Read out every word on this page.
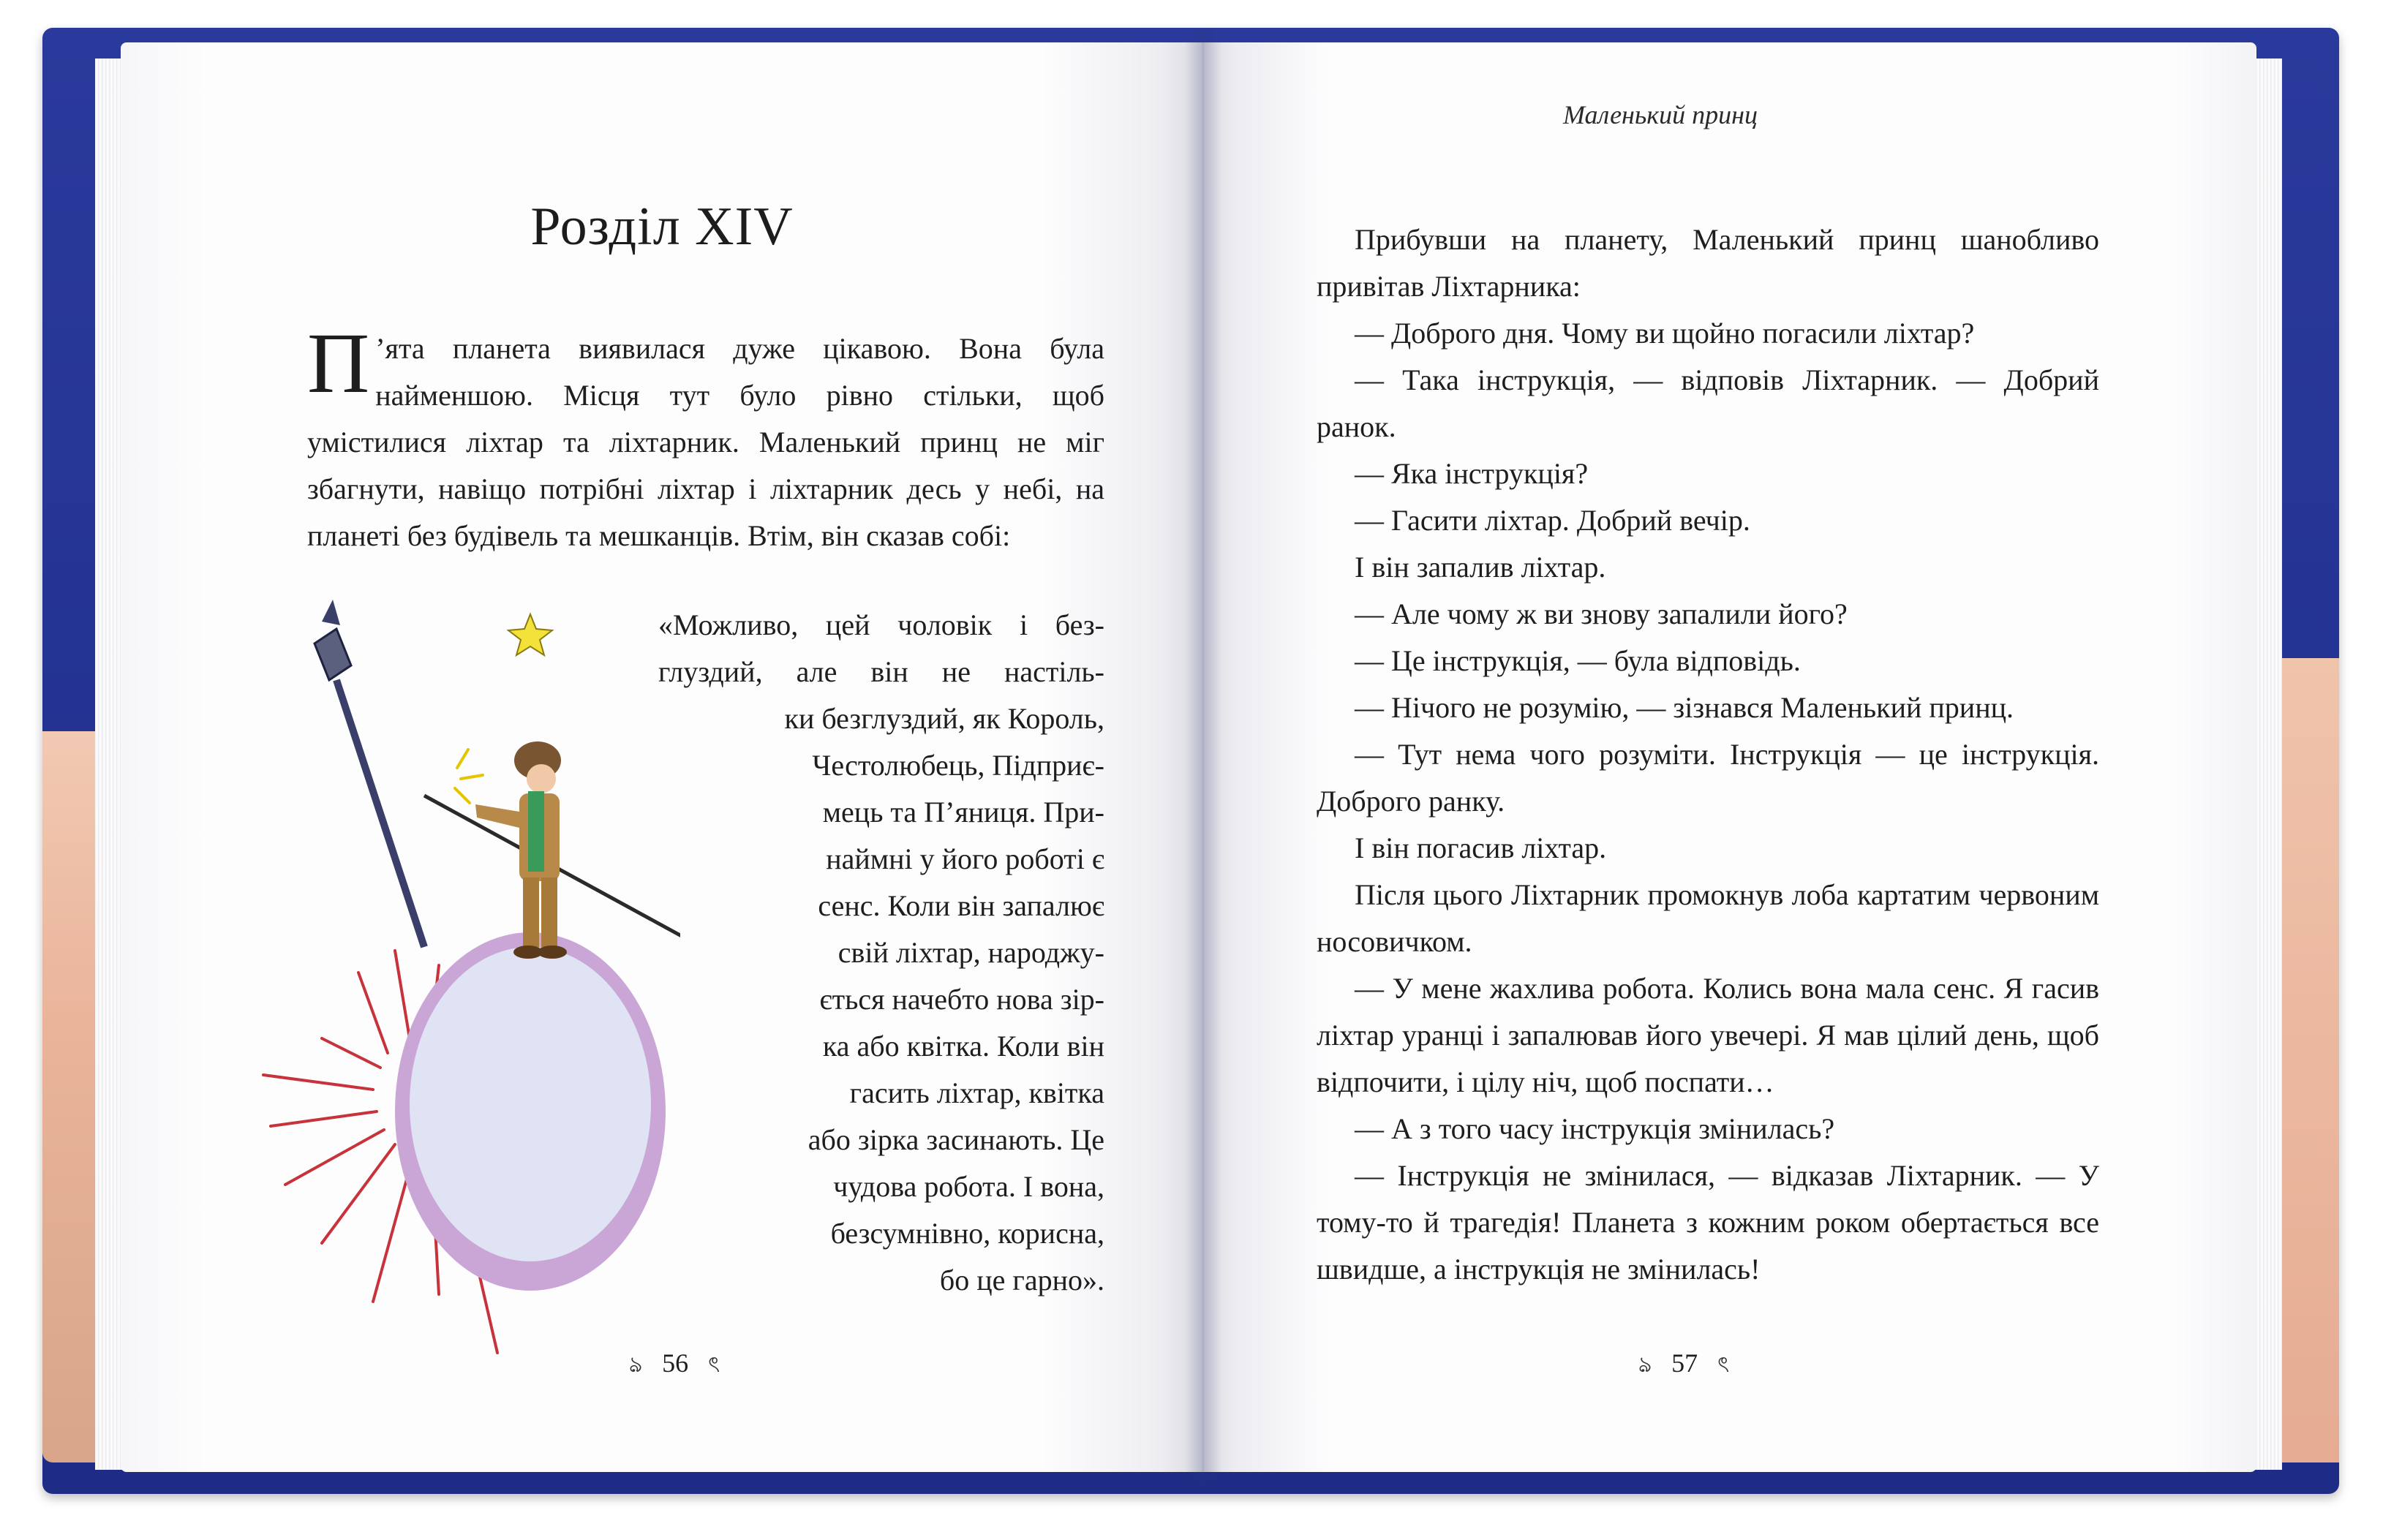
Розділ XIV
П ’ята планета виявилася дуже цікавою. Вона була найменшою. Місця тут було рівно стільки, щоб умістилися ліхтар та ліхтарник. Маленький принц не міг збагнути, навіщо потрібні ліхтар і ліхтарник десь у небі, на планеті без будівель та мешканців. Втім, він сказав собі:
«Можливо, цей чоловік і без-
глуздий, але він не настіль-
ки безглуздий, як Король,
Честолюбець, Підприє-
мець та П’яниця. При-
наймні у його роботі є
сенс. Коли він запалює
свій ліхтар, народжу-
ється начебто нова зір-
ка або квітка. Коли він
гасить ліхтар, квітка
або зірка засинають. Це
чудова робота. І вона,
безсумнівно, корисна,
бо це гарно».
ঌ 56 ৎ
Маленький принц
Прибувши на планету, Маленький принц шанобливо привітав Ліхтарника:
— Доброго дня. Чому ви щойно погасили ліхтар?
— Така інструкція, — відповів Ліхтарник. — Добрий ранок.
— Яка інструкція?
— Гасити ліхтар. Добрий вечір.
І він запалив ліхтар.
— Але чому ж ви знову запалили його?
— Це інструкція, — була відповідь.
— Нічого не розумію, — зізнався Маленький принц.
— Тут нема чого розуміти. Інструкція — це інструкція. Доброго ранку.
І він погасив ліхтар.
Після цього Ліхтарник промокнув лоба картатим червоним носовичком.
— У мене жахлива робота. Колись вона мала сенс. Я гасив ліхтар уранці і запалював його увечері. Я мав цілий день, щоб відпочити, і цілу ніч, щоб поспати…
— А з того часу інструкція змінилась?
— Інструкція не змінилася, — відказав Ліхтарник. — У тому-то й трагедія! Планета з кожним роком обертається все швидше, а інструкція не змінилась!
ঌ 57 ৎ
